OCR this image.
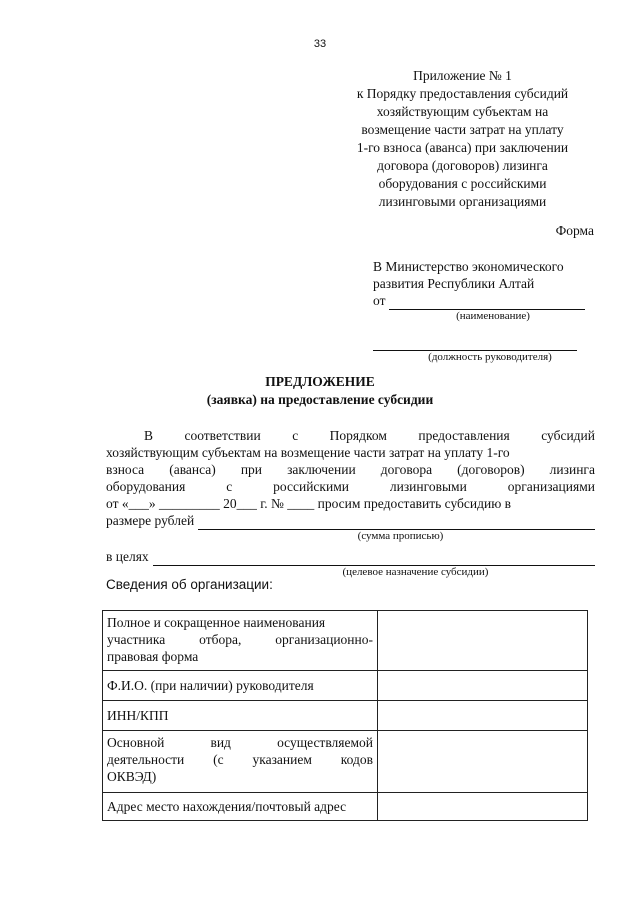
33
Приложение № 1
к Порядку предоставления субсидий
хозяйствующим субъектам на
возмещение части затрат на уплату
1-го взноса (аванса) при заключении
договора (договоров) лизинга
оборудования с российскими
лизинговыми организациями
Форма
В Министерство экономического
развития Республики Алтай
от
(наименование)

(должность руководителя)
ПРЕДЛОЖЕНИЕ
(заявка) на предоставление субсидии
В соответствии с Порядком предоставления субсидий
хозяйствующим субъектам на возмещение части затрат на уплату 1-го
взноса (аванса) при заключении договора (договоров) лизинга
оборудования	с	российскими	лизинговыми	организациями
от «___» _________ 20___ г. № ____ просим предоставить субсидию в
размере рублей

(сумма прописью)
в целях

(целевое назначение субсидии)
Сведения об организации:
Полное и сокращенное наименования
участника отбора, организационно-
правовая форма	

Ф.И.О. (при наличии) руководителя	
ИНН/КПП	

Основной вид осуществляемой
деятельности (с указанием кодов
ОКВЭД)	

Адрес место нахождения/почтовый адрес	
